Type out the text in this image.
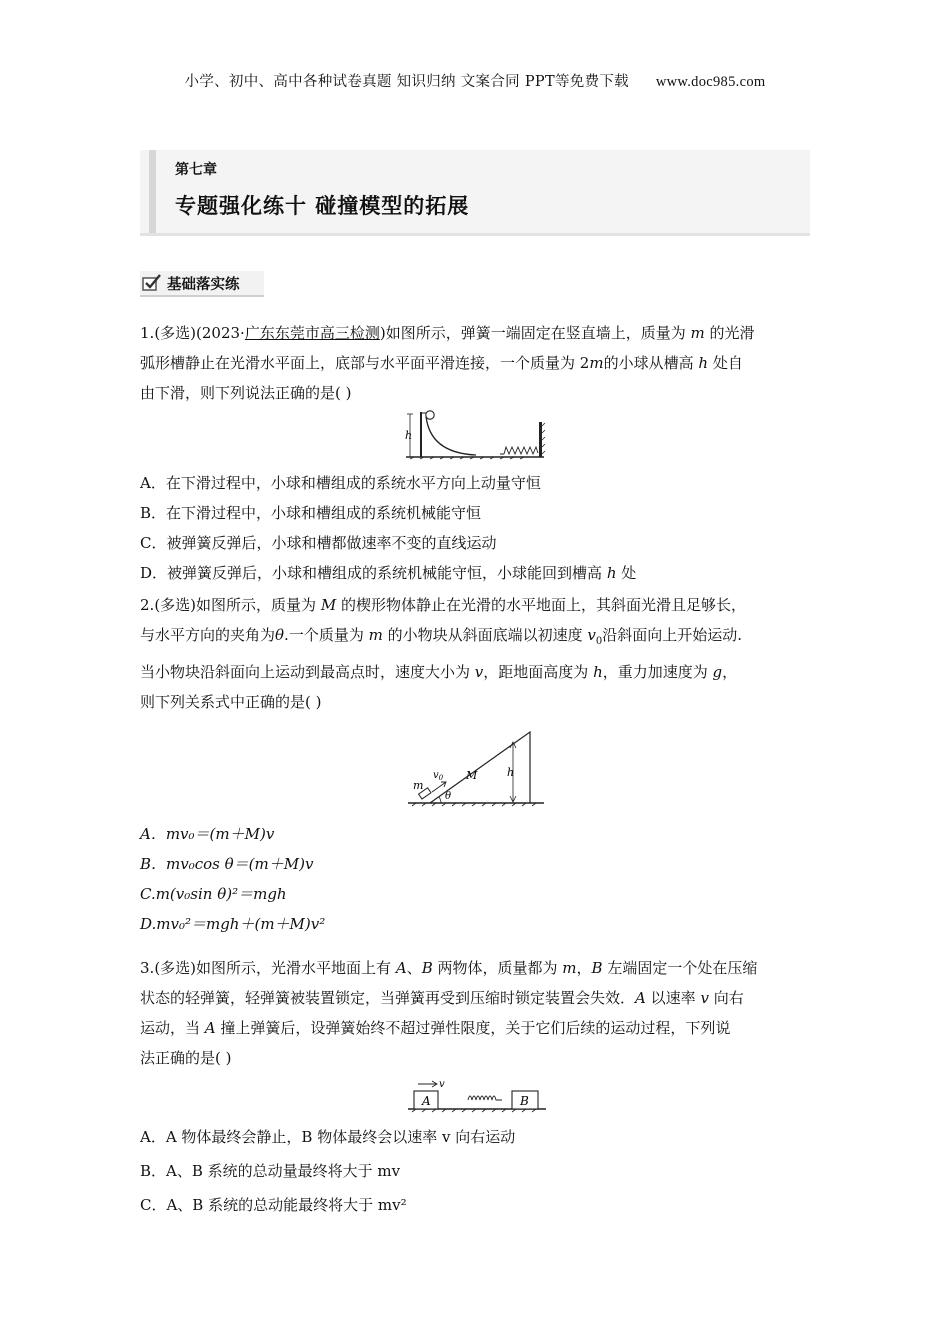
小学、初中、高中各种试卷真题 知识归纳 文案合同 PPT等免费下载 www.doc985.com
第七章
专题强化练十 碰撞模型的拓展
基础落实练
1.(多选)(2023·广东东莞市高三检测)如图所示，弹簧一端固定在竖直墙上，质量为 m 的光滑
弧形槽静止在光滑水平面上，底部与水平面平滑连接，一个质量为 2m的小球从槽高 h 处自
由下滑，则下列说法正确的是( )
h
A．在下滑过程中，小球和槽组成的系统水平方向上动量守恒
B．在下滑过程中，小球和槽组成的系统机械能守恒
C．被弹簧反弹后，小球和槽都做速率不变的直线运动
D．被弹簧反弹后，小球和槽组成的系统机械能守恒，小球能回到槽高 h 处
2.(多选)如图所示，质量为 M 的楔形物体静止在光滑的水平地面上，其斜面光滑且足够长，
与水平方向的夹角为θ.一个质量为 m 的小物块从斜面底端以初速度 $v_0$沿斜面向上开始运动.
当小物块沿斜面向上运动到最高点时，速度大小为 v，距地面高度为 h，重力加速度为 g，
则下列关系式中正确的是( )
h
m
$v_0$ M
θ
A．mv₀＝(m＋M)v
B．mv₀cos θ＝(m＋M)v
C.m(v₀sin θ)²＝mgh
D.mv₀²＝mgh＋(m＋M)v²
3.(多选)如图所示，光滑水平地面上有 A、B 两物体，质量都为 m，B 左端固定一个处在压缩
状态的轻弹簧，轻弹簧被装置锁定，当弹簧再受到压缩时锁定装置会失效．A 以速率 v 向右
运动，当 A 撞上弹簧后，设弹簧始终不超过弹性限度，关于它们后续的运动过程，下列说
法正确的是( )
A
v
B
A．A 物体最终会静止，B 物体最终会以速率 v 向右运动
B．A、B 系统的总动量最终将大于 mv
C．A、B 系统的总动能最终将大于 mv²
